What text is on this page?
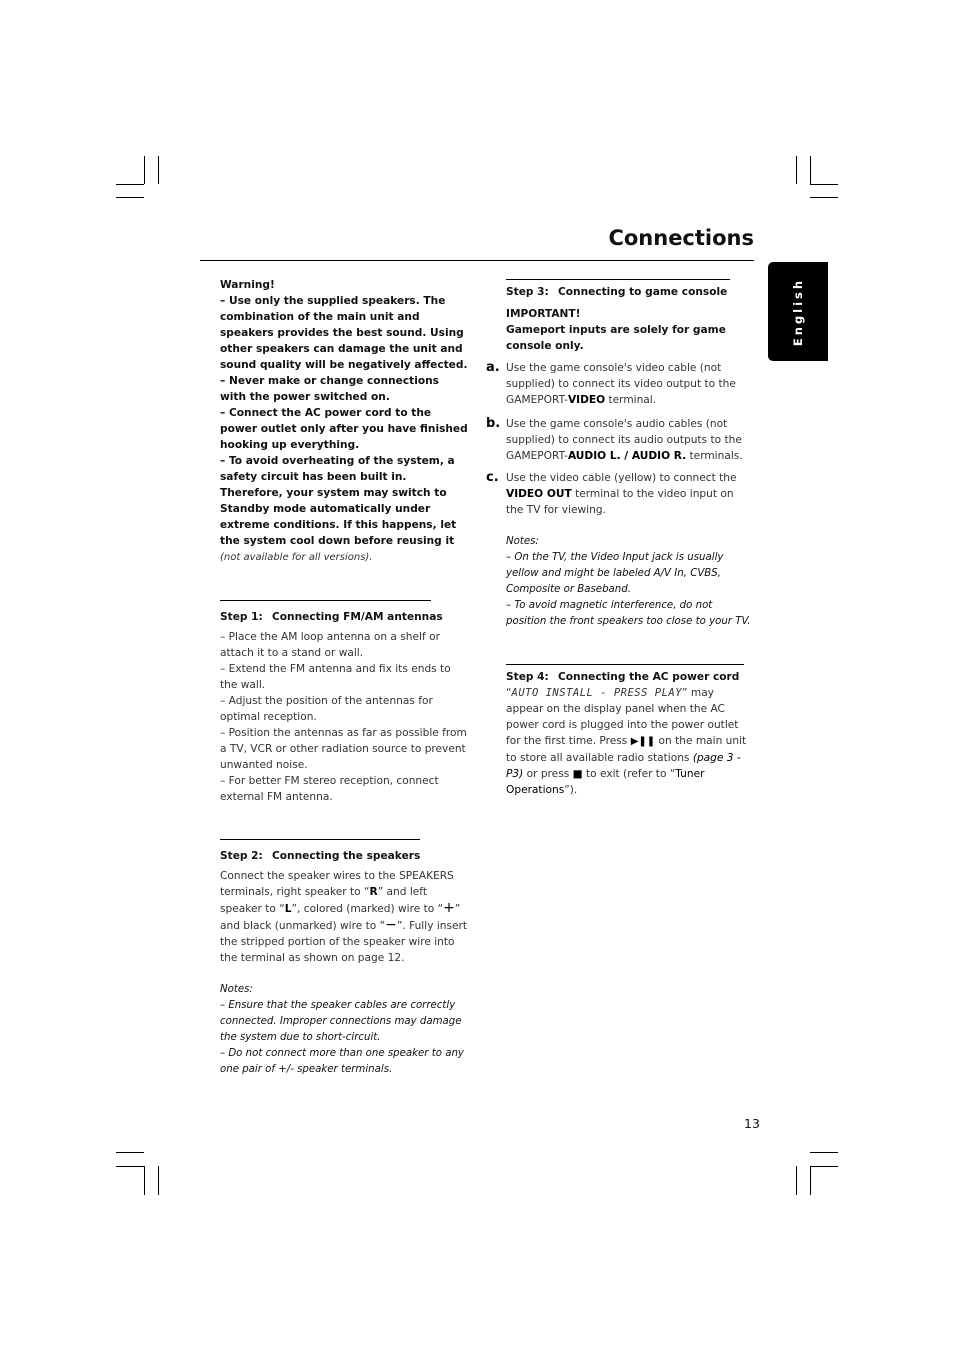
Connections
English
Warning!
– Use only the supplied speakers. The combination of the main unit and speakers provides the best sound. Using other speakers can damage the unit and sound quality will be negatively affected.
– Never make or change connections with the power switched on.
– Connect the AC power cord to the power outlet only after you have finished hooking up everything.
– To avoid overheating of the system, a safety circuit has been built in. Therefore, your system may switch to Standby mode automatically under extreme conditions. If this happens, let the system cool down before reusing it (not available for all versions).
Step 1: Connecting FM/AM antennas
– Place the AM loop antenna on a shelf or attach it to a stand or wall.
– Extend the FM antenna and fix its ends to the wall.
– Adjust the position of the antennas for optimal reception.
– Position the antennas as far as possible from a TV, VCR or other radiation source to prevent unwanted noise.
– For better FM stereo reception, connect external FM antenna.
Step 2: Connecting the speakers
Connect the speaker wires to the SPEAKERS terminals, right speaker to “R” and left speaker to “L”, colored (marked) wire to “+” and black (unmarked) wire to “−”. Fully insert the stripped portion of the speaker wire into the terminal as shown on page 12.
Notes:
– Ensure that the speaker cables are correctly connected. Improper connections may damage the system due to short-circuit.
– Do not connect more than one speaker to any one pair of +/- speaker terminals.
Step 3: Connecting to game console
IMPORTANT!
Gameport inputs are solely for game console only.
a. Use the game console's video cable (not supplied) to connect its video output to the GAMEPORT-VIDEO terminal.
b. Use the game console's audio cables (not supplied) to connect its audio outputs to the GAMEPORT-AUDIO L. / AUDIO R. terminals.
c. Use the video cable (yellow) to connect the VIDEO OUT terminal to the video input on the TV for viewing.
Notes:
– On the TV, the Video Input jack is usually yellow and might be labeled A/V In, CVBS, Composite or Baseband.
– To avoid magnetic interference, do not position the front speakers too close to your TV.
Step 4: Connecting the AC power cord
“AUTO INSTALL - PRESS PLAY” may appear on the display panel when the AC power cord is plugged into the power outlet for the first time. Press ▶❚❚ on the main unit to store all available radio stations (page 3 - P3) or press ■ to exit (refer to “Tuner Operations”).
13
